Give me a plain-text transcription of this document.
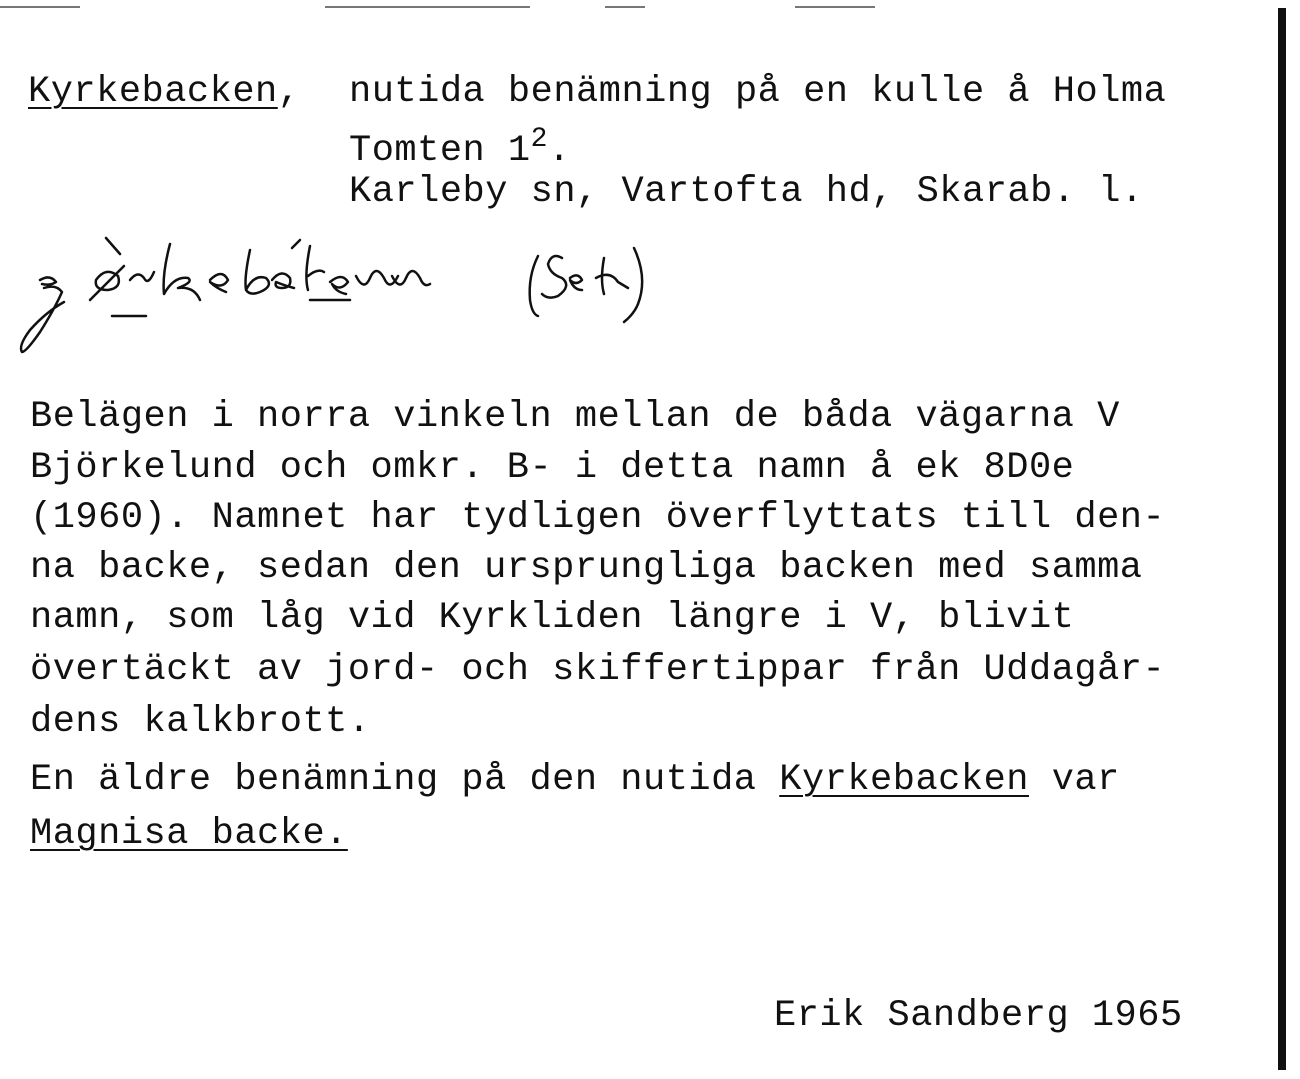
Kyrkebacken, nutida benämning på en kulle å Holma
Tomten $1^2$.
Karleby sn, Vartofta hd, Skarab. l.
Belägen i norra vinkeln mellan de båda vägarna V
Björkelund och omkr. B- i detta namn å ek 8D0e
(1960). Namnet har tydligen överflyttats till den-
na backe, sedan den ursprungliga backen med samma
namn, som låg vid Kyrkliden längre i V, blivit
övertäckt av jord- och skiffertippar från Uddagår-
dens kalkbrott.
En äldre benämning på den nutida Kyrkebacken var
Magnisa backe.
Erik Sandberg 1965
